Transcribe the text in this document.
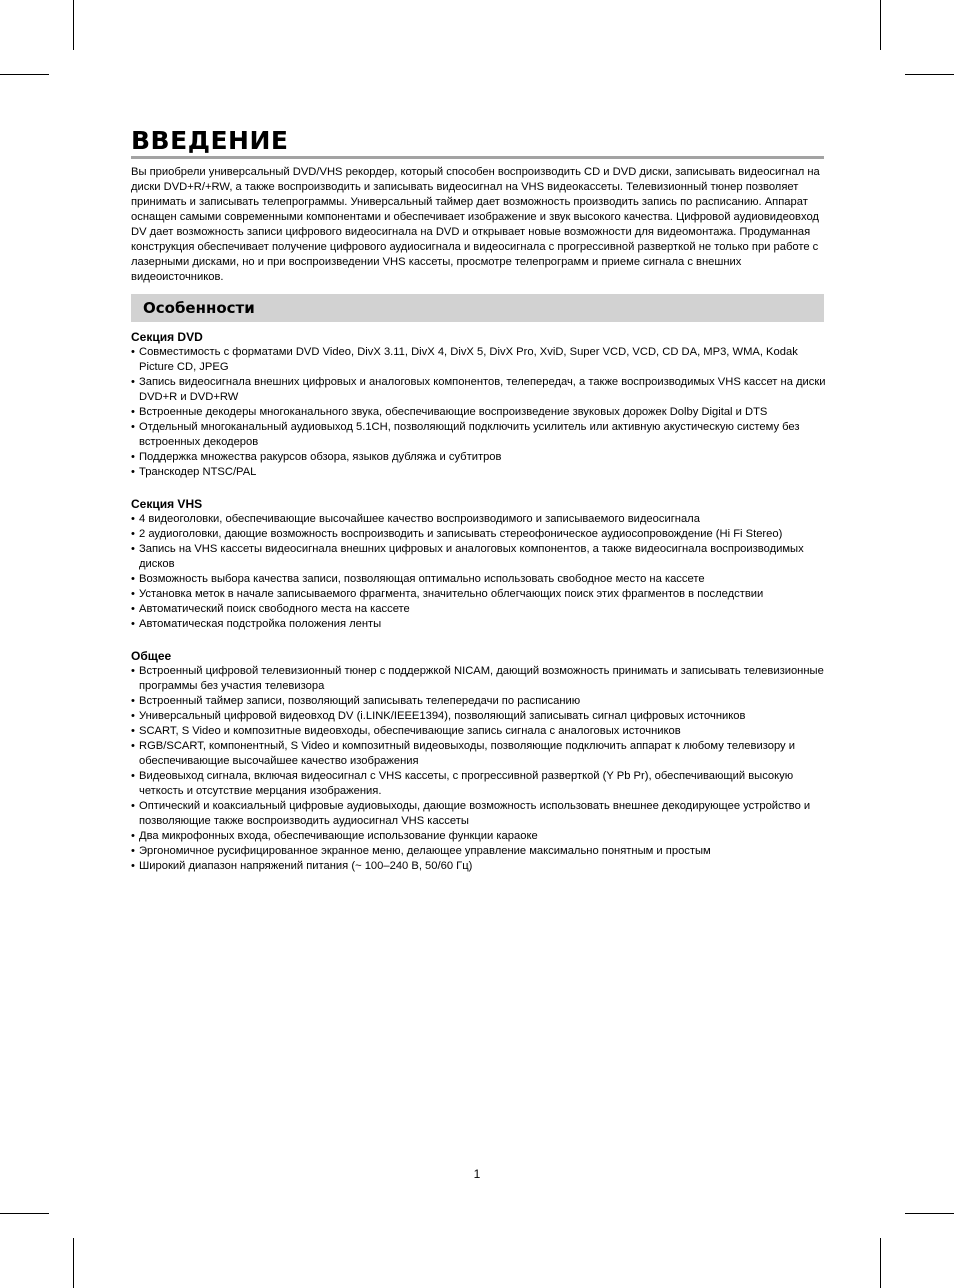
ВВЕДЕНИЕ

Вы приобрели универсальный DVD/VHS рекордер, который способен воспроизводить CD и DVD диски, записывать видеосигнал на диски DVD+R/+RW, а также воспроизводить и записывать видеосигнал на VHS видеокассеты. Телевизионный тюнер позволяет принимать и записывать телепрограммы. Универсальный таймер дает возможность производить запись по расписанию. Аппарат оснащен самыми современными компонентами и обеспечивает изображение и звук высокого качества. Цифровой аудиовидеовход DV дает возможность записи цифрового видеосигнала на DVD и открывает новые возможности для видеомонтажа. Продуманная конструкция обеспечивает получение цифрового аудиосигнала и видеосигнала с прогрессивной разверткой не только при работе с лазерными дисками, но и при воспроизведении VHS кассеты, просмотре телепрограмм и приеме сигнала с внешних видеоисточников.

Особенности
Секция DVD
• Совместимость с форматами DVD Video, DivX 3.11, DivX 4, DivX 5, DivX Pro, XviD, Super VCD, VCD, CD DA, MP3, WMA, Kodak Picture CD, JPEG
• Запись видеосигнала внешних цифровых и аналоговых компонентов, телепередач, а также воспроизводимых VHS кассет на диски DVD+R и DVD+RW
• Встроенные декодеры многоканального звука, обеспечивающие воспроизведение звуковых дорожек Dolby Digital и DTS
• Отдельный многоканальный аудиовыход 5.1CH, позволяющий подключить усилитель или активную акустическую систему без встроенных декодеров
• Поддержка множества ракурсов обзора, языков дубляжа и субтитров
• Транскодер NTSC/PAL
Секция VHS
• 4 видеоголовки, обеспечивающие высочайшее качество воспроизводимого и записываемого видеосигнала
• 2 аудиоголовки, дающие возможность воспроизводить и записывать стереофоническое аудиосопровождение (Hi Fi Stereo)
• Запись на VHS кассеты видеосигнала внешних цифровых и аналоговых компонентов, а также видеосигнала воспроизводимых дисков
• Возможность выбора качества записи, позволяющая оптимально использовать свободное место на кассете
• Установка меток в начале записываемого фрагмента, значительно облегчающих поиск этих фрагментов в последствии
• Автоматический поиск свободного места на кассете
• Автоматическая подстройка положения ленты
Общее
• Встроенный цифровой телевизионный тюнер с поддержкой NICAM, дающий возможность принимать и записывать телевизионные программы без участия телевизора
• Встроенный таймер записи, позволяющий записывать телепередачи по расписанию
• Универсальный цифровой видеовход DV (i.LINK/IEEE1394), позволяющий записывать сигнал цифровых источников
• SCART, S Video и композитные видеовходы, обеспечивающие запись сигнала с аналоговых источников
• RGB/SCART, компонентный, S Video и композитный видеовыходы, позволяющие подключить аппарат к любому телевизору и обеспечивающие высочайшее качество изображения
• Видеовыход сигнала, включая видеосигнал с VHS кассеты, с прогрессивной разверткой (Y Pb Pr), обеспечивающий высокую четкость и отсутствие мерцания изображения.
• Оптический и коаксиальный цифровые аудиовыходы, дающие возможность использовать внешнее декодирующее устройство и позволяющие также воспроизводить аудиосигнал VHS кассеты
• Два микрофонных входа, обеспечивающие использование функции караоке
• Эргономичное русифицированное экранное меню, делающее управление максимально понятным и простым
• Широкий диапазон напряжений питания (~ 100–240 В, 50/60 Гц)
1
